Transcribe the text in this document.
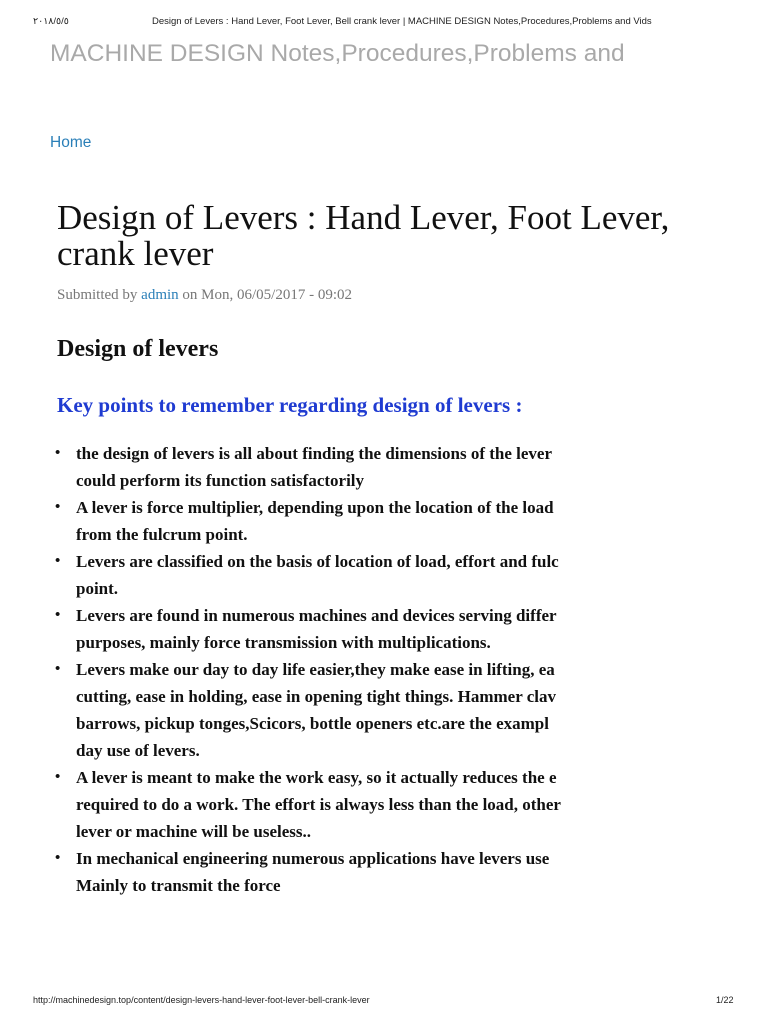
٢٠١٨/٥/٥	Design of Levers : Hand Lever, Foot Lever, Bell crank lever | MACHINE DESIGN Notes,Procedures,Problems and Vids
MACHINE DESIGN Notes,Procedures,Problems and
Home
Design of Levers : Hand Lever, Foot Lever,
crank lever
Submitted by admin on Mon, 06/05/2017 - 09:02
Design of levers
Key points to remember regarding design of levers :
• the design of levers is all about finding the dimensions of the lever
could perform its function satisfactorily
• A lever is force multiplier, depending upon the location of the load
from the fulcrum point.
• Levers are classified on the basis of location of load, effort and fulc
point.
• Levers are found in numerous machines and devices serving differ
purposes, mainly force transmission with multiplications.
• Levers make our day to day life easier,they make ease in lifting, ea
cutting, ease in holding, ease in opening tight things. Hammer clav
barrows, pickup tonges,Scicors, bottle openers etc.are the exampl
day use of levers.
• A lever is meant to make the work easy, so it actually reduces the e
required to do a work. The effort is always less than the load, other
lever or machine will be useless..
• In mechanical engineering numerous applications have levers use
Mainly to transmit the force
http://machinedesign.top/content/design-levers-hand-lever-foot-lever-bell-crank-lever	1/22
